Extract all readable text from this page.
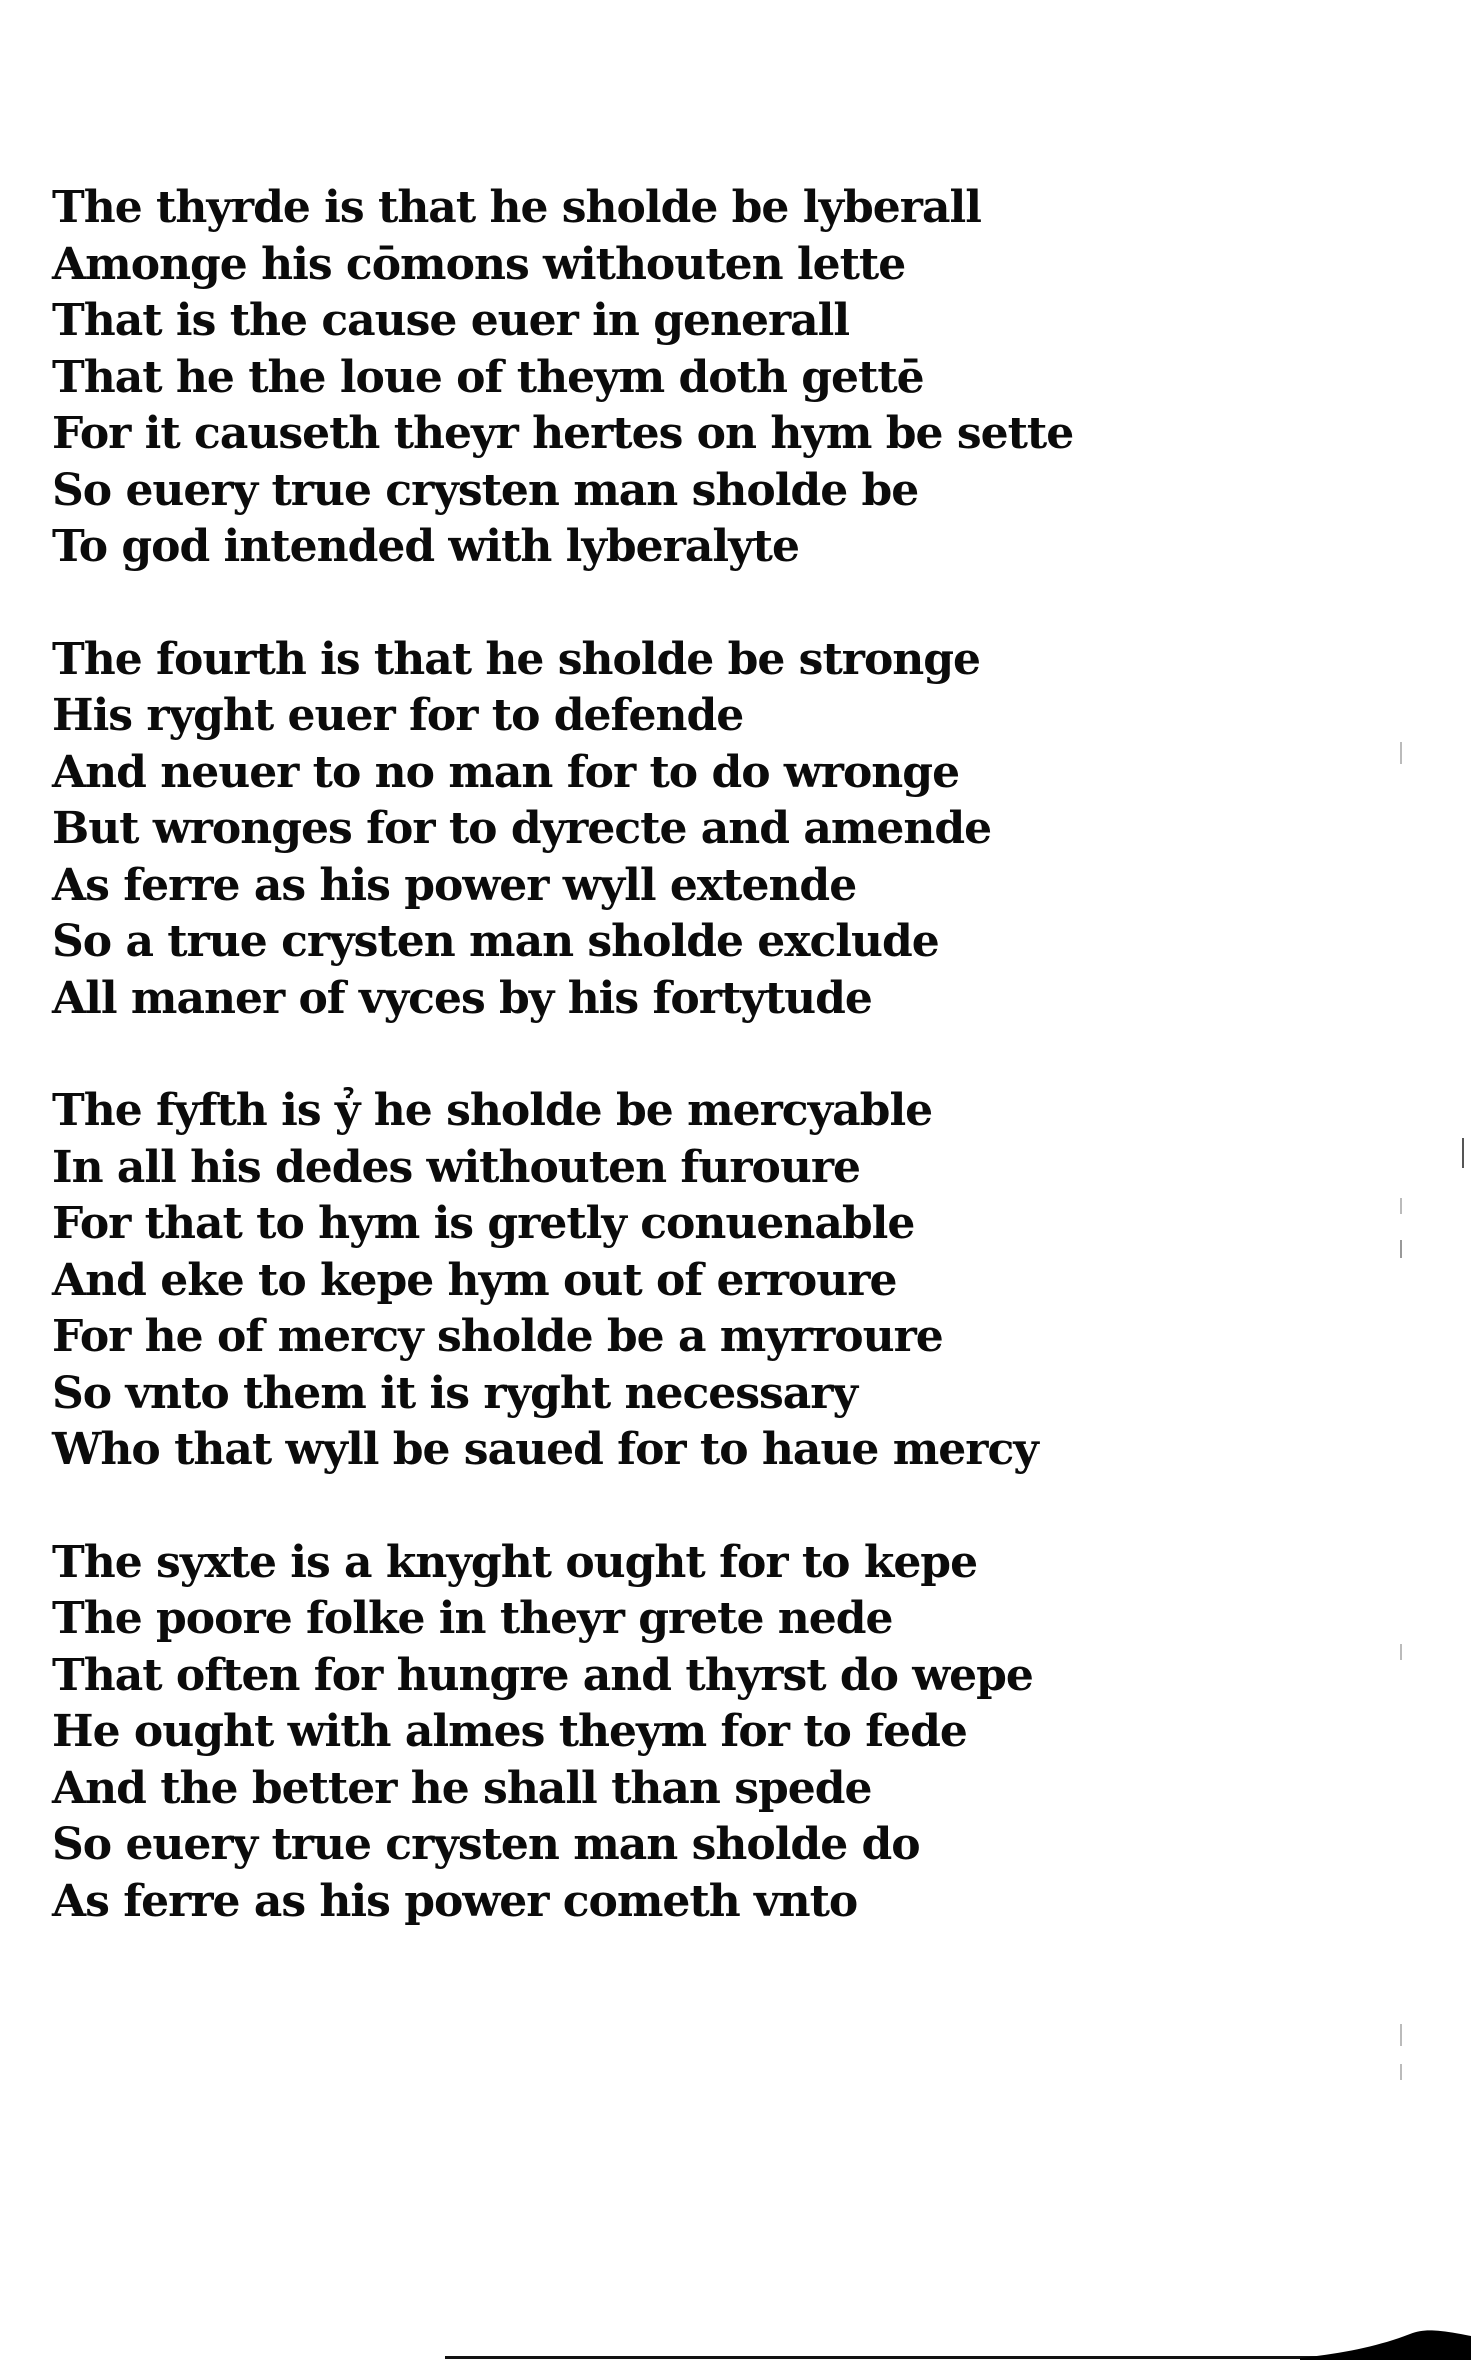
The thyrde is that he sholde be lyberall
Amonge his cōmons withouten lette
That is the cause euer in generall
That he the loue of theym doth gettē
For it causeth theyr hertes on hym be sette
So euery true crysten man sholde be
To god intended with lyberalyte
The fourth is that he sholde be stronge
His ryght euer for to defende
And neuer to no man for to do wronge
But wronges for to dyrecte and amende
As ferre as his power wyll extende
So a true crysten man sholde exclude
All maner of vyces by his fortytude
The fyfth is ỷ he sholde be mercyable
In all his dedes withouten furoure
For that to hym is gretly conuenable
And eke to kepe hym out of erroure
For he of mercy sholde be a myrroure
So vnto them it is ryght necessary
Who that wyll be saued for to haue mercy
The syxte is a knyght ought for to kepe
The poore folke in theyr grete nede
That often for hungre and thyrst do wepe
He ought with almes theym for to fede
And the better he shall than spede
So euery true crysten man sholde do
As ferre as his power cometh vnto
